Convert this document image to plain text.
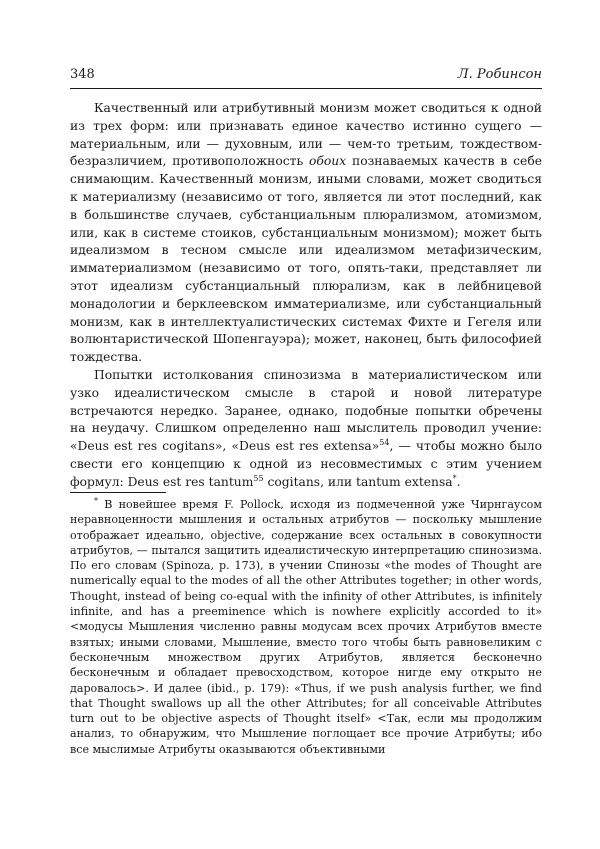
348	Л. Робинсон

Качественный или атрибутивный монизм может сводиться к одной из трех форм: или признавать единое качество истинно сущего — материальным, или — духовным, или — чем-то третьим, тождеством-безразличием, противоположность обоих познаваемых качеств в себе снимающим. Качественный монизм, иными словами, может сводиться к материализму (независимо от того, является ли этот последний, как в большинстве случаев, субстанциальным плюрализмом, атомизмом, или, как в системе стоиков, субстанциальным монизмом); может быть идеализмом в тесном смысле или идеализмом метафизическим, имматериализмом (независимо от того, опять-таки, представляет ли этот идеализм субстанциальный плюрализм, как в лейбницевой монадологии и берклеевском имматериализме, или субстанциальный монизм, как в интеллектуалистических системах Фихте и Гегеля или волюнтаристической Шопенгауэра); может, наконец, быть философией тождества.

Попытки истолкования спинозизма в материалистическом или узко идеалистическом смысле в старой и новой литературе встречаются нередко. Заранее, однако, подобные попытки обречены на неудачу. Слишком определенно наш мыслитель проводил учение: «Deus est res cogitans», «Deus est res extensa»$^{54}$, — чтобы можно было свести его концепцию к одной из несовместимых с этим учением формул: Deus est res tantum$^{55}$ cogitans, или tantum extensa*.

* В новейшее время F. Pollock, исходя из подмеченной уже Чирнгаусом неравноценности мышления и остальных атрибутов — поскольку мышление отображает идеально, objective, содержание всех остальных в совокупности атрибутов, — пытался защитить идеалистическую интерпретацию спинозизма. По его словам (Spinoza, p. 173), в учении Спинозы «the modes of Thought are numerically equal to the modes of all the other Attributes together; in other words, Thought, instead of being co-equal with the infinity of other Attributes, is infinitely infinite, and has a preeminence which is nowhere explicitly accorded to it» <модусы Мышления численно равны модусам всех прочих Атрибутов вместе взятых; иными словами, Мышление, вместо того чтобы быть равновеликим с бесконечным множеством других Атрибутов, является бесконечно бесконечным и обладает превосходством, которое нигде ему открыто не даровалось>. И далее (ibid., p. 179): «Thus, if we push analysis further, we find that Thought swallows up all the other Attributes; for all conceivable Attributes turn out to be objective aspects of Thought itself» <Так, если мы продолжим анализ, то обнаружим, что Мышление поглощает все прочие Атрибуты; ибо все мыслимые Атрибуты оказываются объективными
